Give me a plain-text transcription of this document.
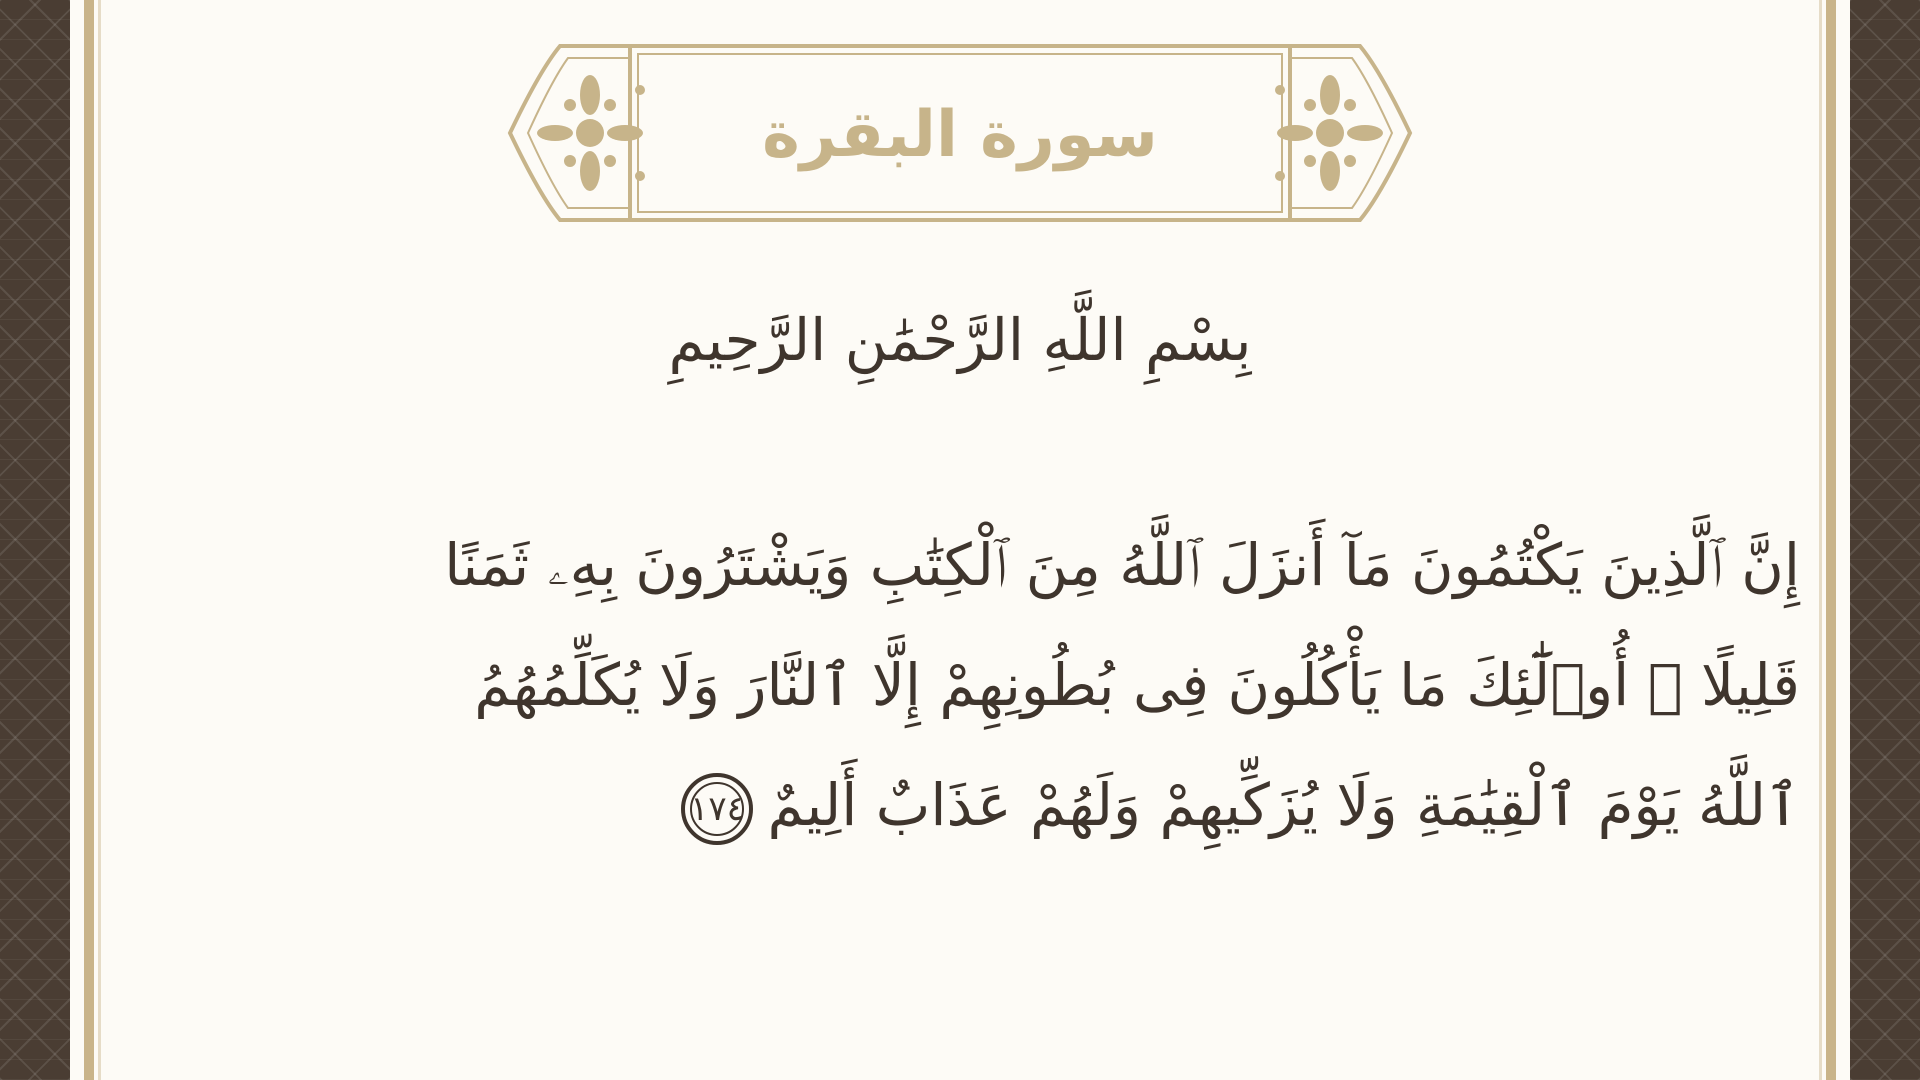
سورة البقرة
بِسْمِ اللَّهِ الرَّحْمَٰنِ الرَّحِيمِ
إِنَّ ٱلَّذِينَ يَكْتُمُونَ مَآ أَنزَلَ ٱللَّهُ مِنَ ٱلْكِتَٰبِ وَيَشْتَرُونَ بِهِۦ ثَمَنًا
قَلِيلًا ۙ أُو۟لَٰٓئِكَ مَا يَأْكُلُونَ فِى بُطُونِهِمْ إِلَّا ٱلنَّارَ وَلَا يُكَلِّمُهُمُ
ٱللَّهُ يَوْمَ ٱلْقِيَٰمَةِ وَلَا يُزَكِّيهِمْ وَلَهُمْ عَذَابٌ أَلِيمٌ١٧٤
